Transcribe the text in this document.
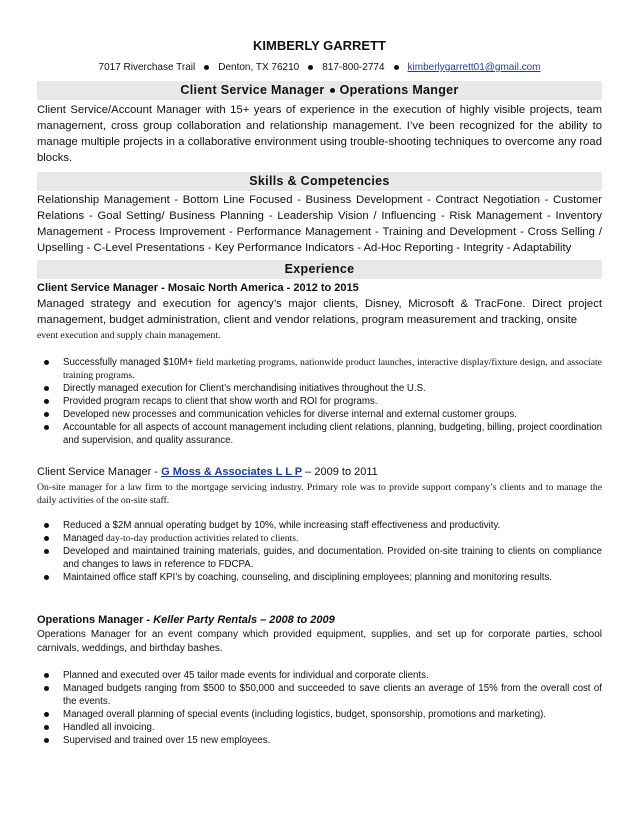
KIMBERLY GARRETT
7017 Riverchase Trail Denton, TX 76210 817-800-2774 kimberlygarrett01@gmail.com
Client Service Manager Operations Manger
Client Service/Account Manager with 15+ years of experience in the execution of highly visible projects, team management, cross group collaboration and relationship management. I’ve been recognized for the ability to manage multiple projects in a collaborative environment using trouble-shooting techniques to overcome any road blocks.
Skills & Competencies
Relationship Management - Bottom Line Focused - Business Development - Contract Negotiation - Customer Relations - Goal Setting/ Business Planning - Leadership Vision / Influencing - Risk Management - Inventory Management - Process Improvement - Performance Management - Training and Development - Cross Selling / Upselling - C-Level Presentations - Key Performance Indicators - Ad-Hoc Reporting - Integrity - Adaptability
Experience
Client Service Manager - Mosaic North America - 2012 to 2015
Managed strategy and execution for agency’s major clients, Disney, Microsoft & TracFone. Direct project management, budget administration, client and vendor relations, program measurement and tracking, onsite
event execution and supply chain management.
Successfully managed $10M+ field marketing programs, nationwide product launches, interactive display/fixture design, and associate training programs.
Directly managed execution for Client’s merchandising initiatives throughout the U.S.
Provided program recaps to client that show worth and ROI for programs.
Developed new processes and communication vehicles for diverse internal and external customer groups.
Accountable for all aspects of account management including client relations, planning, budgeting, billing, project coordination and supervision, and quality assurance.
Client Service Manager - G Moss & Associates L L P – 2009 to 2011
On-site manager for a law firm to the mortgage servicing industry. Primary role was to provide support company’s clients and to manage the daily activities of the on-site staff.
Reduced a $2M annual operating budget by 10%, while increasing staff effectiveness and productivity.
Managed day-to-day production activities related to clients.
Developed and maintained training materials, guides, and documentation. Provided on-site training to clients on compliance and changes to laws in reference to FDCPA.
Maintained office staff KPI’s by coaching, counseling, and disciplining employees; planning and monitoring results.
Operations Manager - Keller Party Rentals – 2008 to 2009
Operations Manager for an event company which provided equipment, supplies, and set up for corporate parties, school carnivals, weddings, and birthday bashes.
Planned and executed over 45 tailor made events for individual and corporate clients.
Managed budgets ranging from $500 to $50,000 and succeeded to save clients an average of 15% from the overall cost of the events.
Managed overall planning of special events (including logistics, budget, sponsorship, promotions and marketing).
Handled all invoicing.
Supervised and trained over 15 new employees.
